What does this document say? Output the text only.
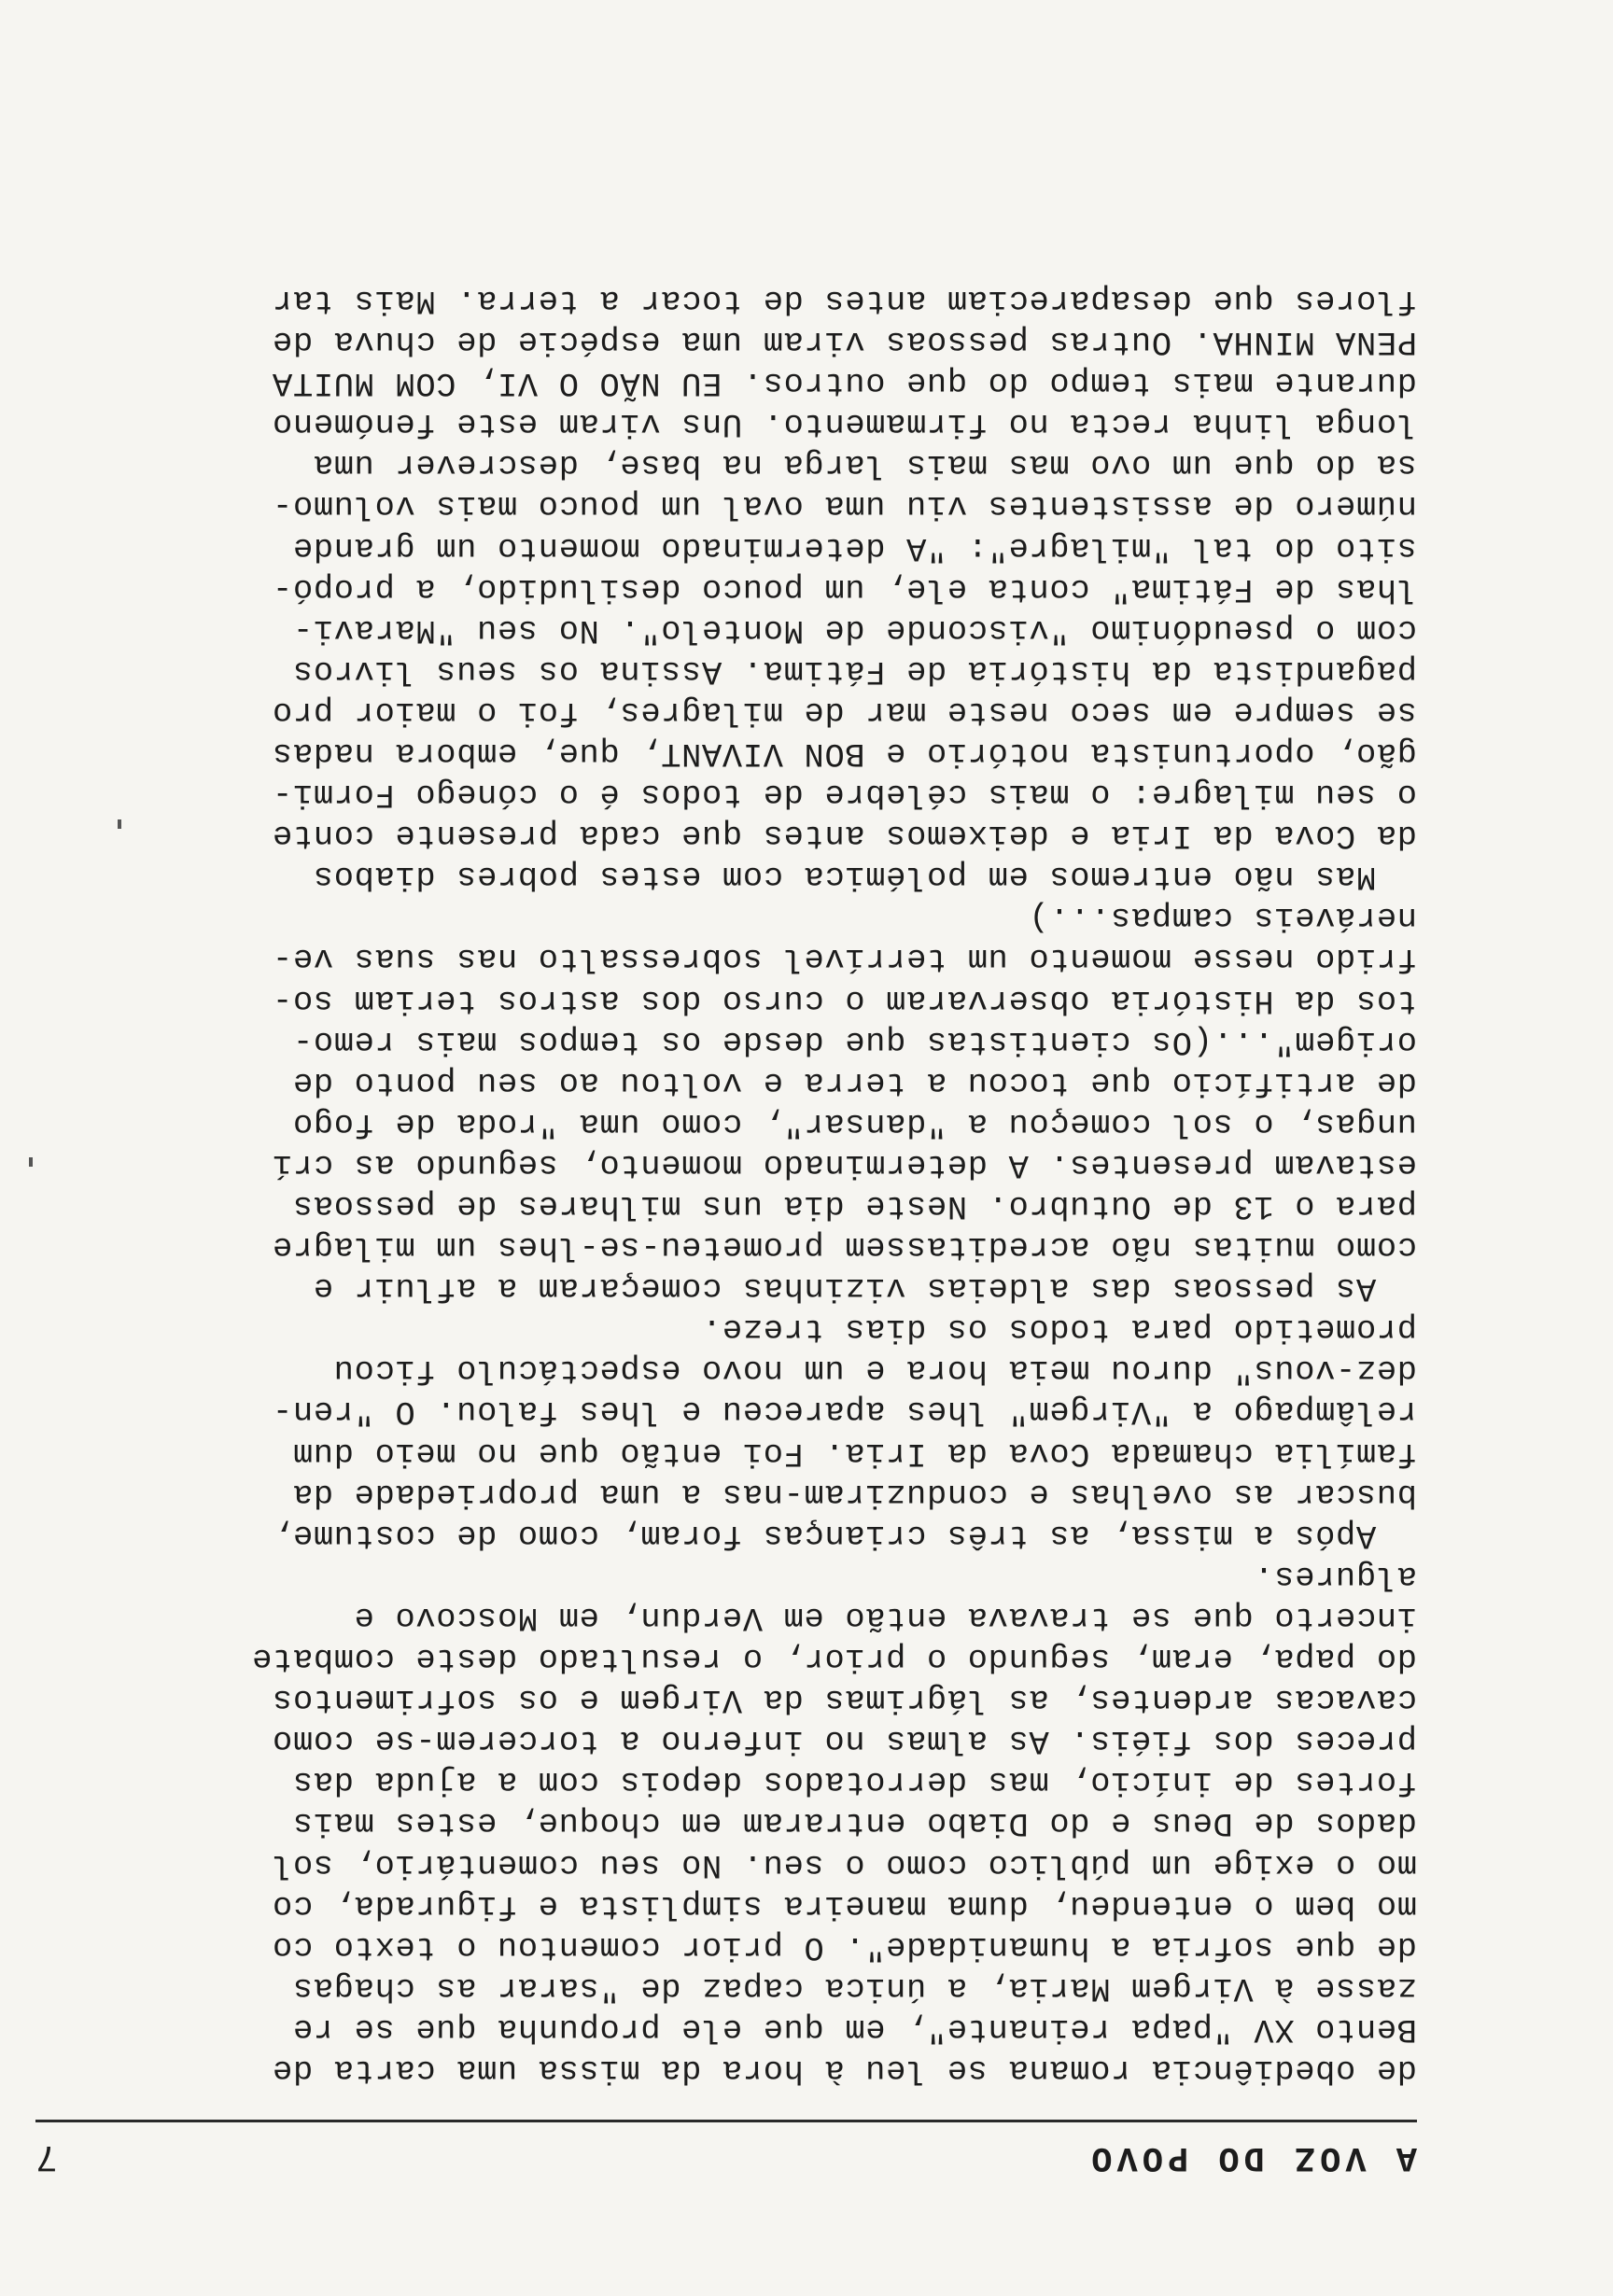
A VOZ DO POVO
7
de obediência romana se leu à hora da missa uma carta de
Bento XV "papa reinante", em que ele propunha que se re
zasse à Virgem Maria, a única capaz de "sarar as chagas
de que sofria a humanidade". O prior comentou o texto co
mo bem o entendeu, duma maneira simplista e figurada, co
mo o exige um público como o seu. No seu comentário, sol
dados de Deus e do Diabo entraram em choque, estes mais
fortes de início, mas derrotados depois com a ajuda das
preces dos fiéis. As almas no inferno a torcerem-se como
cavacas ardentes, as lágrimas da Virgem e os sofrimentos
do papa, eram, segundo o prior, o resultado deste combate
incerto que se travava então em Verdun, em Moscovo e
algures.
Após a missa, as três crianças foram, como de costume,
buscar as ovelhas e conduziram-nas a uma propriedade da
família chamada Cova da Iria. Foi então que no meio dum
relâmpago a "Virgem" lhes apareceu e lhes falou. O "ren-
dez-vous" durou meia hora e um novo espectáculo ficou
prometido para todos os dias treze.
As pessoas das aldeias vizinhas começaram a afluir e
como muitas não acreditassem prometeu-se-lhes um milagre
para o 13 de Outubro. Neste dia uns milhares de pessoas
estavam presentes. A determinado momento, segundo as crí
ungas, o sol começou a "dansar", como uma "roda de fogo
de artifício que tocou a terra e voltou ao seu ponto de
origem"...(Os cientistas que desde os tempos mais remo-
tos da História observaram o curso dos astros teriam so-
frido nesse momento um terrível sobressalto nas suas ve-
neráveis campas...)
Mas não entremos em polémica com estes pobres diabos
da Cova da Iria e deixemos antes que cada presente conte
o seu milagre: o mais célebre de todos é o cónego Formi-
gão, oportunista notório e BON VIVANT, que, embora nadas
se sempre em seco neste mar de milagres, foi o maior pro
pagandista da história de Fátima. Assina os seus livros
com o pseudónimo "visconde de Montelo". No seu "Maravi-
lhas de Fátima" conta ele, um pouco desiludido, a propó-
sito do tal "milagre": "A determinado momento um grande
número de assistentes viu uma oval um pouco mais volumo-
sa do que um ovo mas mais larga na base, descrever uma
longa linha recta no firmamento. Uns viram este fenómeno
durante mais tempo do que outros. EU NÃO O VI, COM MUITA
PENA MINHA. Outras pessoas viram uma espécie de chuva de
flores que desapareciam antes de tocar a terra. Mais tar
